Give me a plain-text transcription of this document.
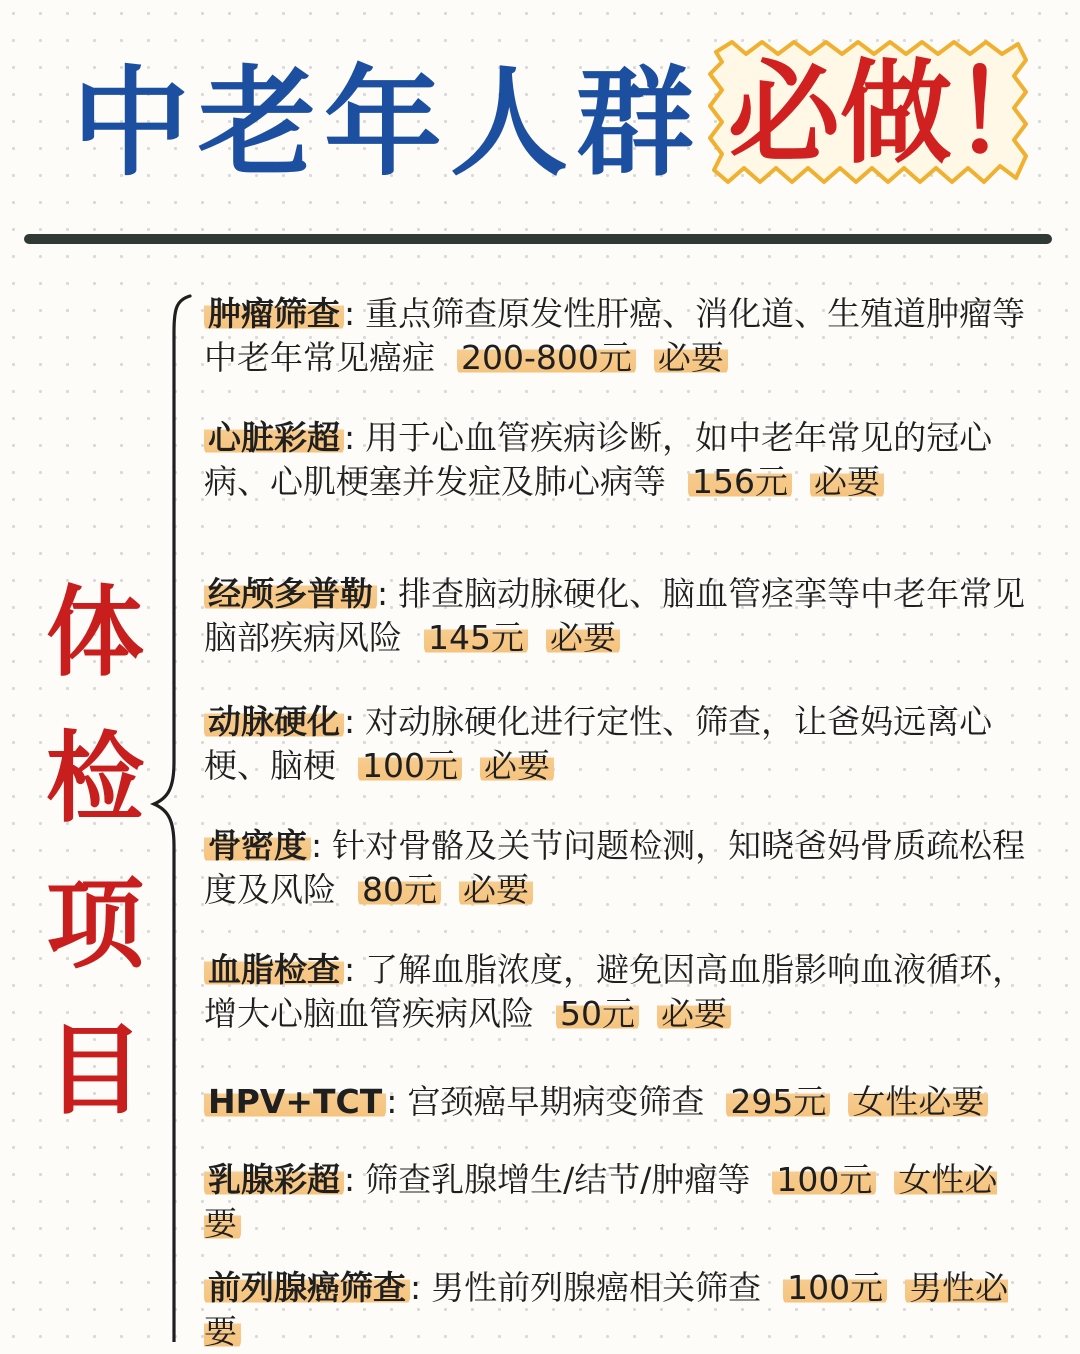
中老年人群 必做！
体
检
项
目
肿瘤筛查 : 重点筛查原发性肝癌、消化道、生殖道肿瘤等中老年常见癌症 200-800元 必要
心脏彩超 : 用于心血管疾病诊断，如中老年常见的冠心病、心肌梗塞并发症及肺心病等 156元 必要
经颅多普勒 : 排查脑动脉硬化、脑血管痉挛等中老年常见脑部疾病风险 145元 必要
动脉硬化 : 对动脉硬化进行定性、筛查，让爸妈远离心梗、脑梗 100元 必要
骨密度 : 针对骨骼及关节问题检测，知晓爸妈骨质疏松程度及风险 80元 必要
血脂检查 : 了解血脂浓度，避免因高血脂影响血液循环，增大心脑血管疾病风险 50元 必要
HPV+TCT : 宫颈癌早期病变筛查 295元 女性必要
乳腺彩超 : 筛查乳腺增生/结节/肿瘤等 100元 女性必要
前列腺癌筛查 : 男性前列腺癌相关筛查 100元 男性必要
